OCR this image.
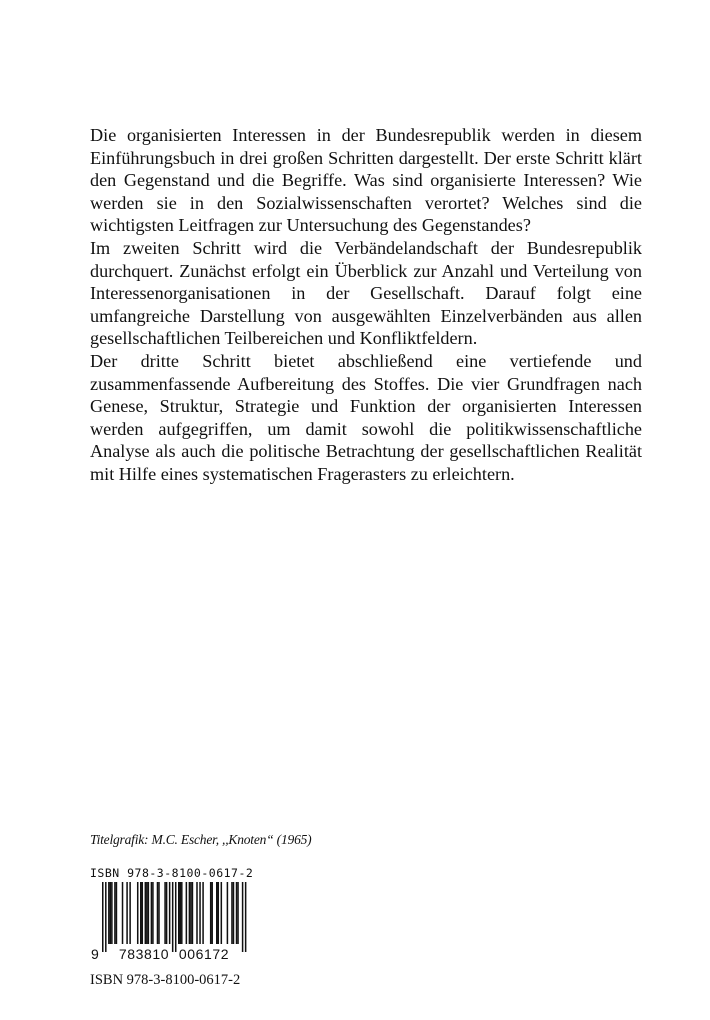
Die organisierten Interessen in der Bundesrepublik werden in diesem Einführungsbuch in drei großen Schritten dargestellt. Der erste Schritt klärt den Gegenstand und die Begriffe. Was sind organisierte Interessen? Wie werden sie in den Sozialwissenschaften verortet? Welches sind die wichtigsten Leitfragen zur Untersuchung des Gegenstandes?

Im zweiten Schritt wird die Verbändelandschaft der Bundesrepublik durchquert. Zunächst erfolgt ein Überblick zur Anzahl und Verteilung von Interessenorganisationen in der Gesellschaft. Darauf folgt eine umfangreiche Darstellung von ausgewählten Einzelverbänden aus allen gesellschaftlichen Teilbereichen und Konfliktfeldern.

Der dritte Schritt bietet abschließend eine vertiefende und zusammenfassende Aufbereitung des Stoffes. Die vier Grundfragen nach Genese, Struktur, Strategie und Funktion der organisierten Interessen werden aufgegriffen, um damit sowohl die politikwissenschaftliche Analyse als auch die politische Betrachtung der gesellschaftlichen Realität mit Hilfe eines systematischen Fragerasters zu erleichtern.

Titelgrafik: M.C. Escher, ,,Knoten“ (1965)
ISBN 978-3-8100-0617-2
9 783810 006172
ISBN 978-3-8100-0617-2
